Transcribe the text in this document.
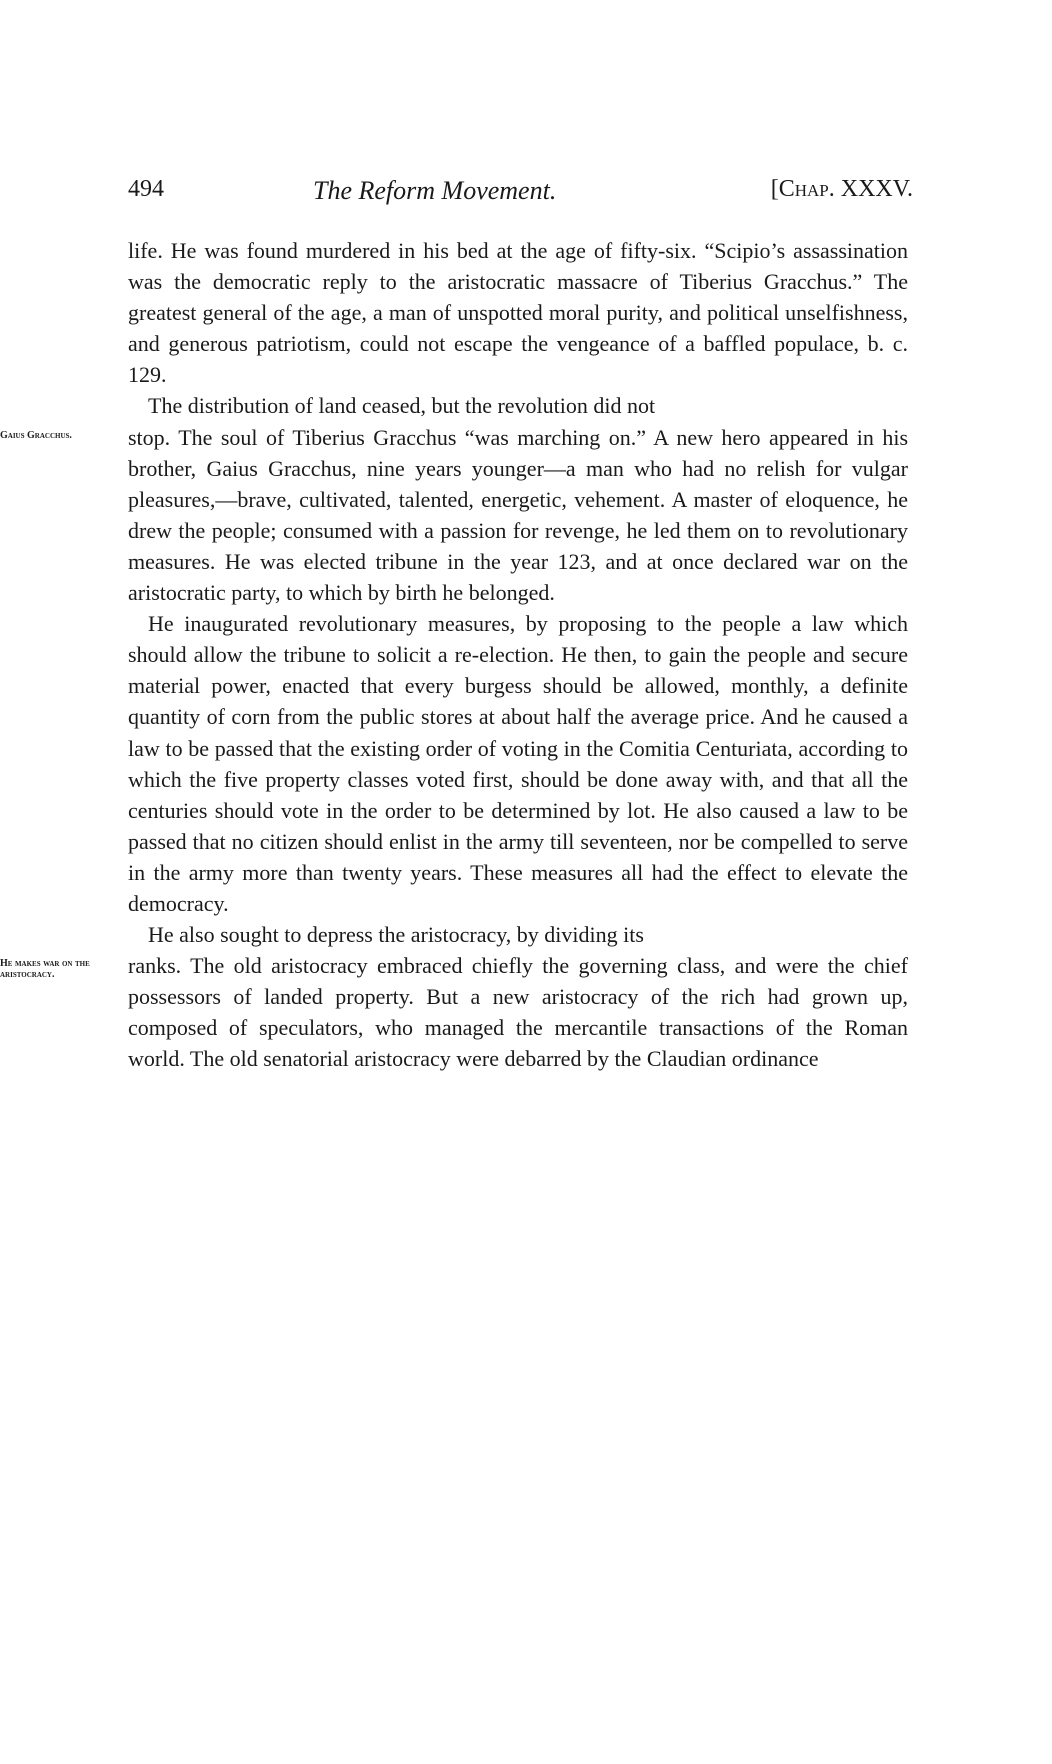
494	The Reform Movement.	[Chap. XXXV.

life. He was found murdered in his bed at the age of fifty-six. “Scipio’s assassination was the democratic reply to the aristocratic massacre of Tiberius Gracchus.” The greatest general of the age, a man of unspotted moral purity, and political unselfishness, and generous patriotism, could not escape the vengeance of a baffled populace, b. c. 129.

The distribution of land ceased, but the revolution did not

Gaius Gracchus.	stop. The soul of Tiberius Gracchus “was marching on.” A new hero appeared in his brother, Gaius Gracchus, nine years younger—a man who had no relish for vulgar pleasures,—brave, cultivated, talented, energetic, vehement. A master of eloquence, he drew the people; consumed with a passion for revenge, he led them on to revolutionary measures. He was elected tribune in the year 123, and at once declared war on the aristocratic party, to which by birth he belonged.

He inaugurated revolutionary measures, by proposing to the people a law which should allow the tribune to solicit a re-election. He then, to gain the people and secure material power, enacted that every burgess should be allowed, monthly, a definite quantity of corn from the public stores at about half the average price. And he caused a law to be passed that the existing order of voting in the Comitia Centuriata, according to which the five property classes voted first, should be done away with, and that all the centuries should vote in the order to be determined by lot. He also caused a law to be passed that no citizen should enlist in the army till seventeen, nor be compelled to serve in the army more than twenty years. These measures all had the effect to elevate the democracy.

He also sought to depress the aristocracy, by dividing its

He makes war on the aristocracy.	ranks. The old aristocracy embraced chiefly the governing class, and were the chief possessors of landed property. But a new aristocracy of the rich had grown up, composed of speculators, who managed the mercantile transactions of the Roman world. The old senatorial aristocracy were debarred by the Claudian ordinance
